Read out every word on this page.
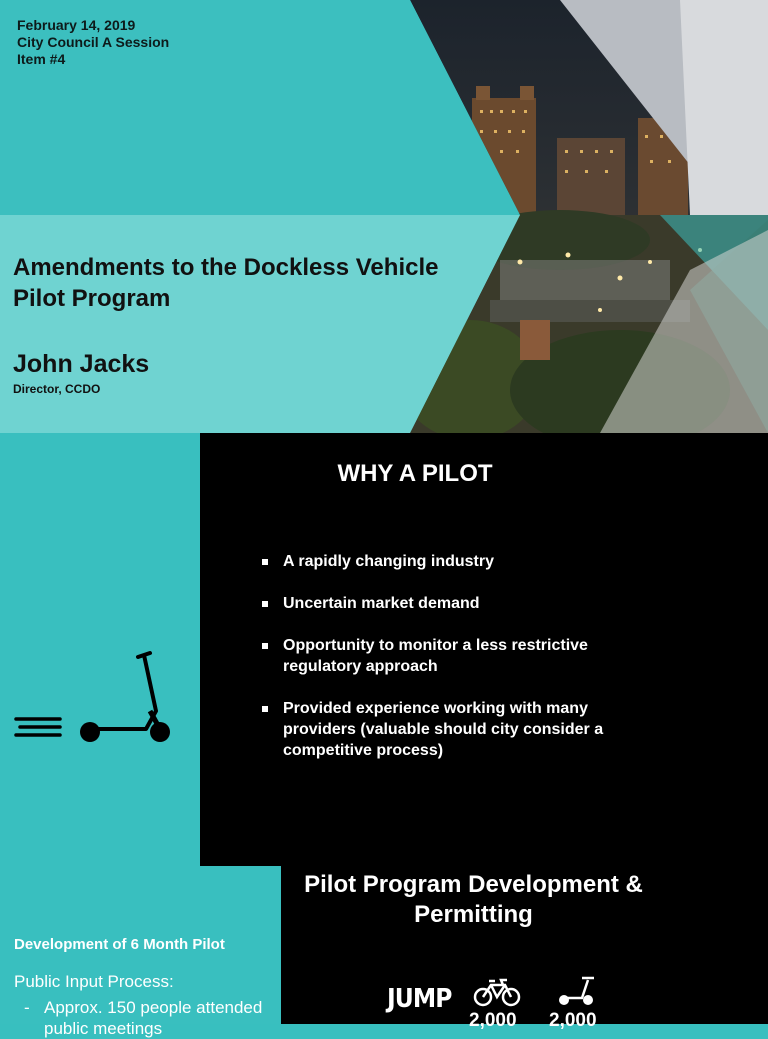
February 14, 2019
City Council A Session
Item #4
Amendments to the Dockless Vehicle
Pilot Program
John Jacks
Director, CCDO
WHY A PILOT
A rapidly changing industry
Uncertain market demand
Opportunity to monitor a less restrictive
regulatory approach
Provided experience working with many
providers (valuable should city consider a
competitive process)
Pilot Program Development &
Permitting
Development of 6 Month Pilot
Public Input Process:
- Approx. 150 people attended
public meetings
JUMP
2,000 2,000
